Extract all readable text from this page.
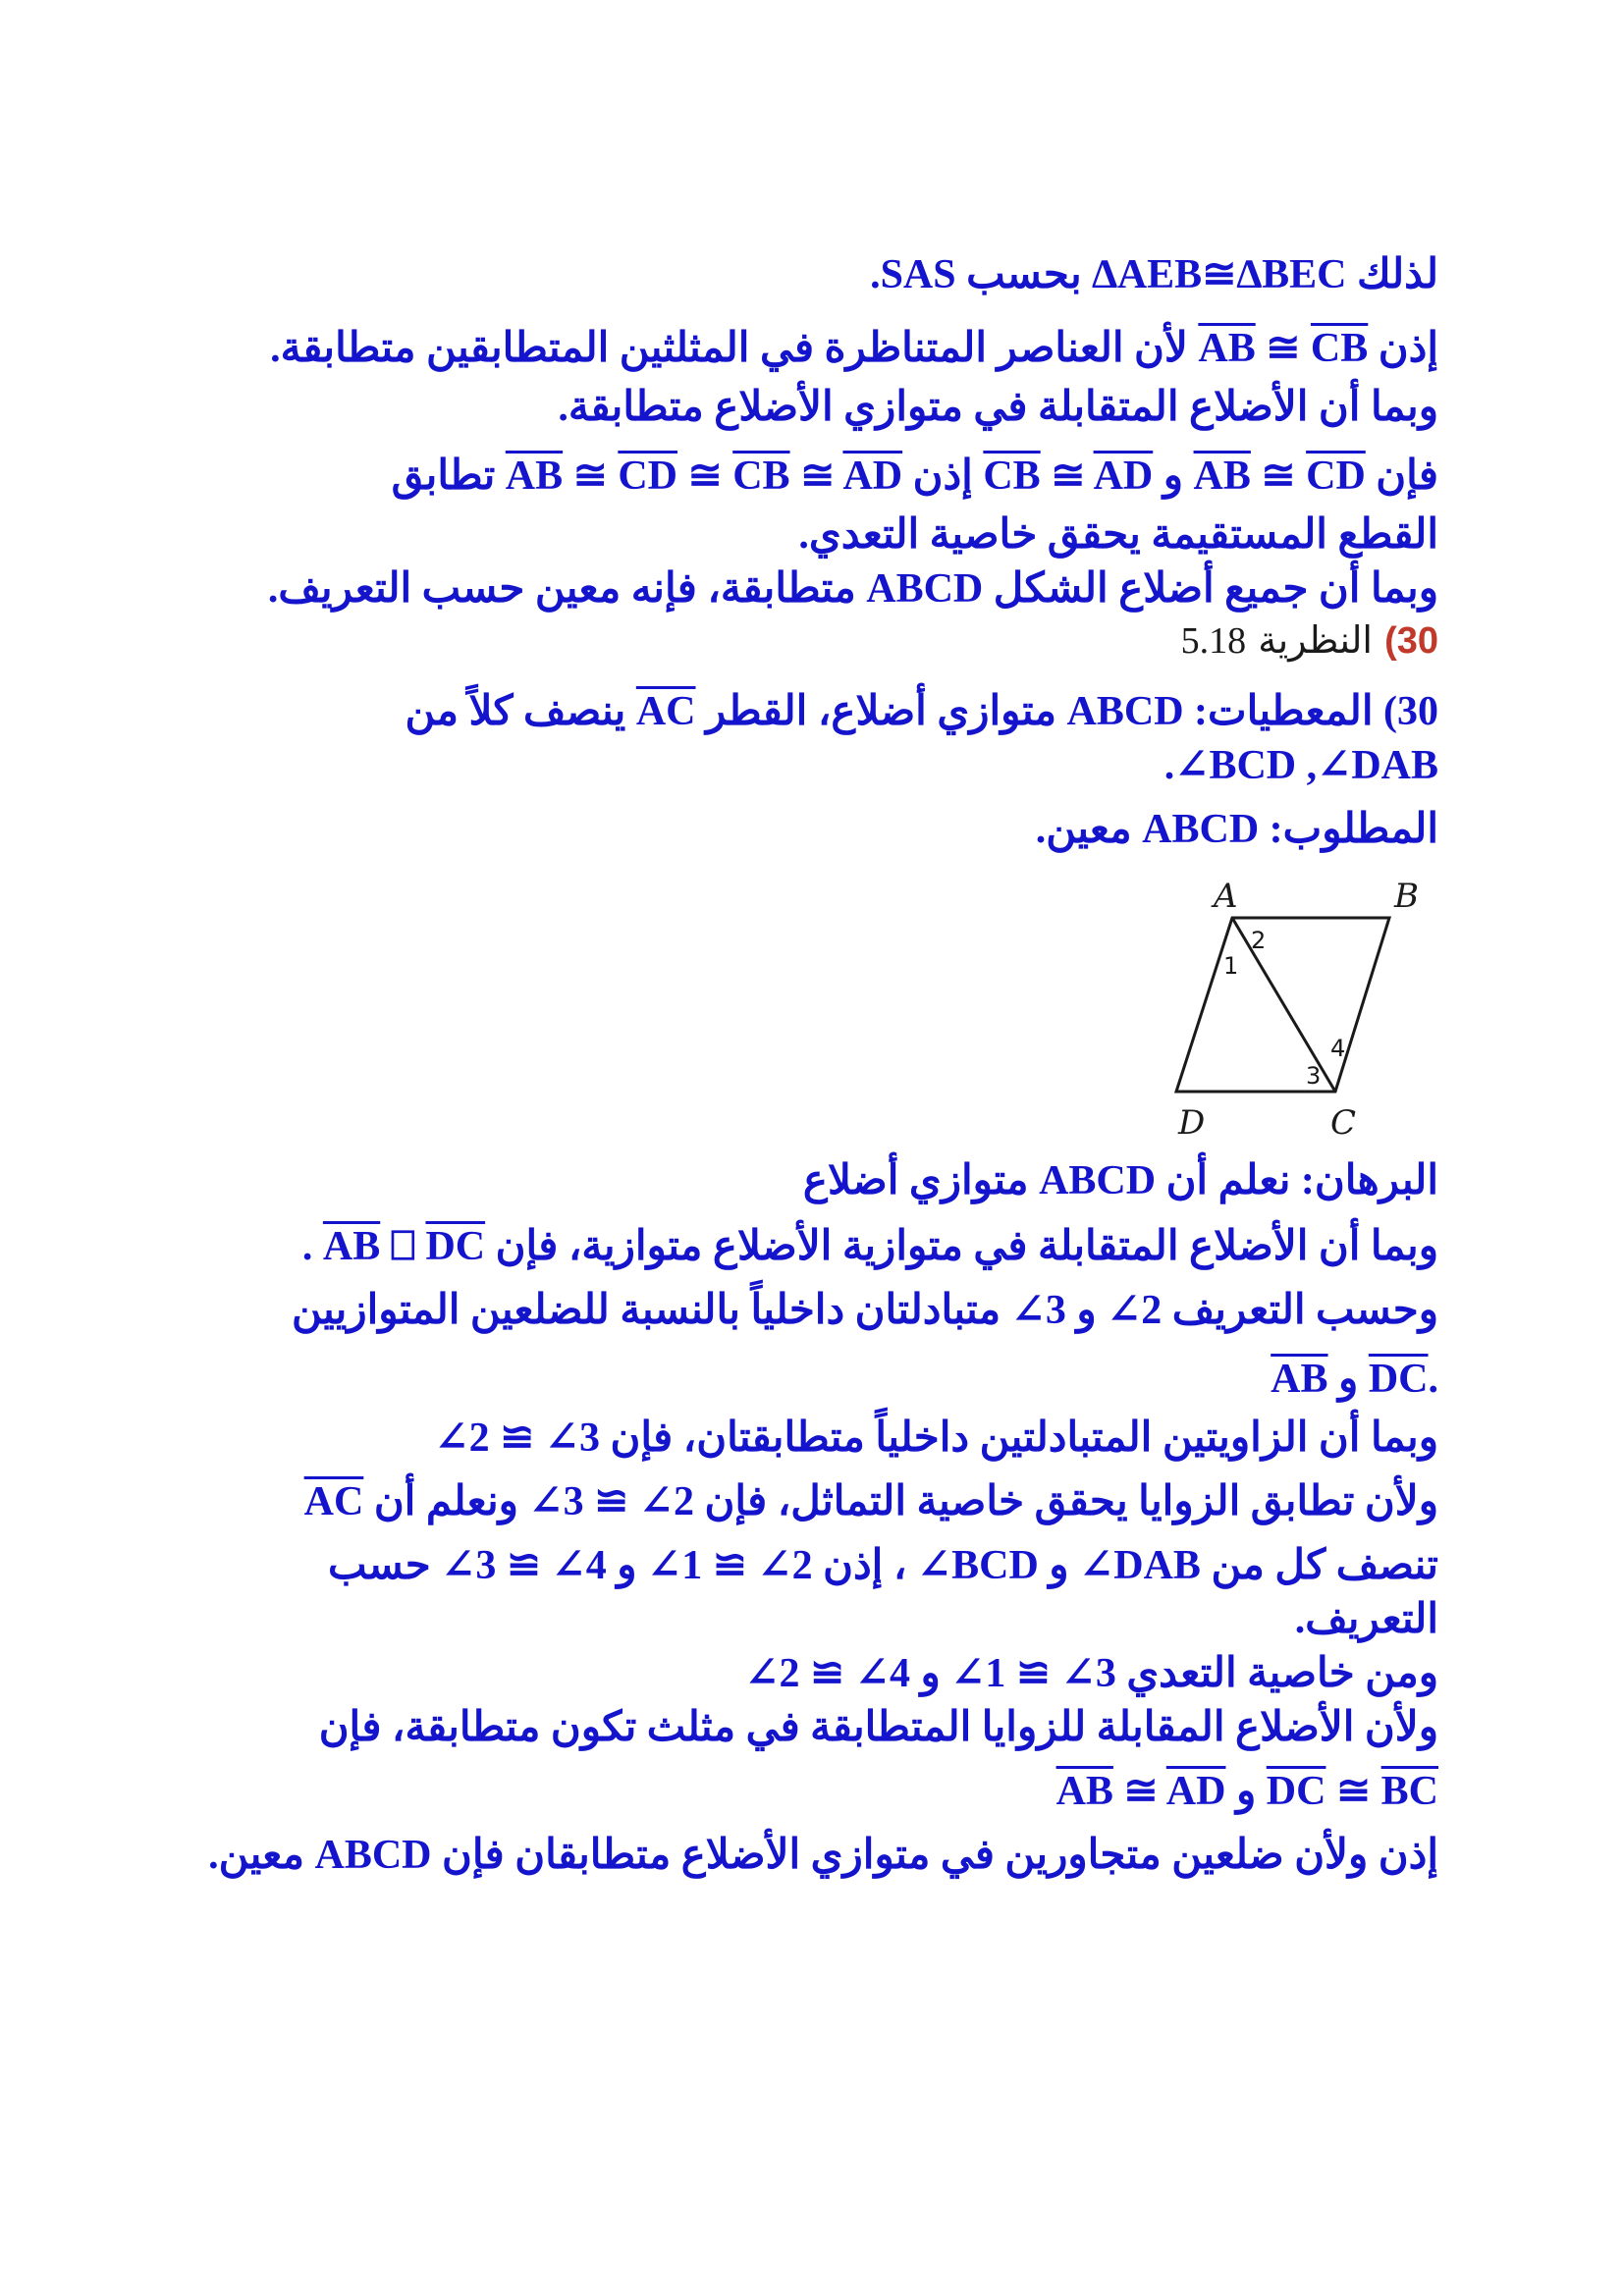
لذلك ∆AEB≅∆BEC بحسب SAS.

إذن $\overline{AB}$ ≅ $\overline{CB}$ لأن العناصر المتناظرة في المثلثين المتطابقين متطابقة.

وبما أن الأضلاع المتقابلة في متوازي الأضلاع متطابقة.

فإن $\overline{AB}$ ≅ $\overline{CD}$ و $\overline{CB}$ ≅ $\overline{AD}$ إذن $\overline{AB}$ ≅ $\overline{CD}$ ≅ $\overline{CB}$ ≅ $\overline{AD}$ تطابق

القطع المستقيمة يحقق خاصية التعدي.

وبما أن جميع أضلاع الشكل ABCD متطابقة، فإنه معين حسب التعريف.

30) النظرية 5.18

30) المعطيات: ABCD متوازي أضلاع، القطر $\overline{AC}$ ينصف كلاً من

.∠BCD ,∠DAB

المطلوب: ABCD معين.

A	B
C
D
1
2
3
4

البرهان: نعلم أن ABCD متوازي أضلاع

وبما أن الأضلاع المتقابلة في متوازية الأضلاع متوازية، فإن $\overline{AB}$ ⎕ $\overline{DC}$ .

وحسب التعريف 2∠ و 3∠ متبادلتان داخلياً بالنسبة للضلعين المتوازيين

$.\overline{DC}$ و $\overline{AB}$

وبما أن الزاويتين المتبادلتين داخلياً متطابقتان، فإن 3∠ ≅ 2∠

ولأن تطابق الزوايا يحقق خاصية التماثل، فإن 2∠ ≅ 3∠ ونعلم أن $\overline{AC}$

تنصف كل من DAB∠ و BCD∠ ، إذن 2∠ ≅ 1∠ و 4∠ ≅ 3∠ حسب

التعريف.

ومن خاصية التعدي 3∠ ≅ 1∠ و 4∠ ≅ 2∠

ولأن الأضلاع المقابلة للزوايا المتطابقة في مثلث تكون متطابقة، فإن

$\overline{DC}$ ≅ $\overline{BC}$ و $\overline{AB}$ ≅ $\overline{AD}$

إذن ولأن ضلعين متجاورين في متوازي الأضلاع متطابقان فإن ABCD معين.
